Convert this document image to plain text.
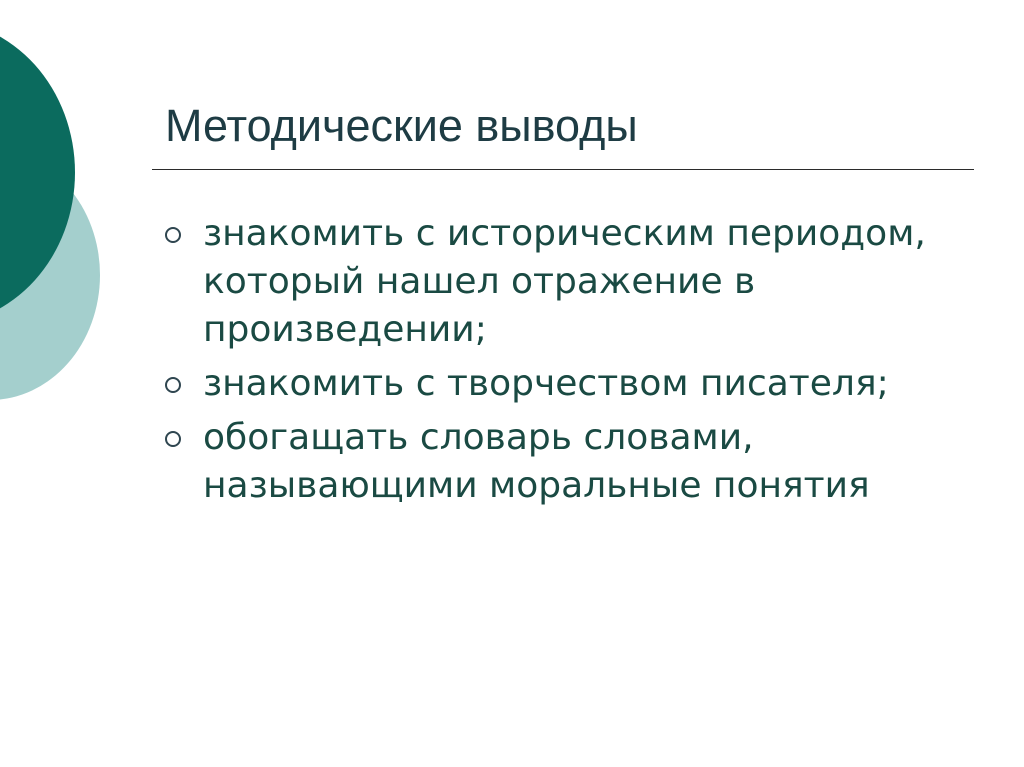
Методические выводы
знакомить с историческим периодом, который нашел отражение в произведении;
знакомить с творчеством писателя;
обогащать словарь словами, называющими моральные понятия
